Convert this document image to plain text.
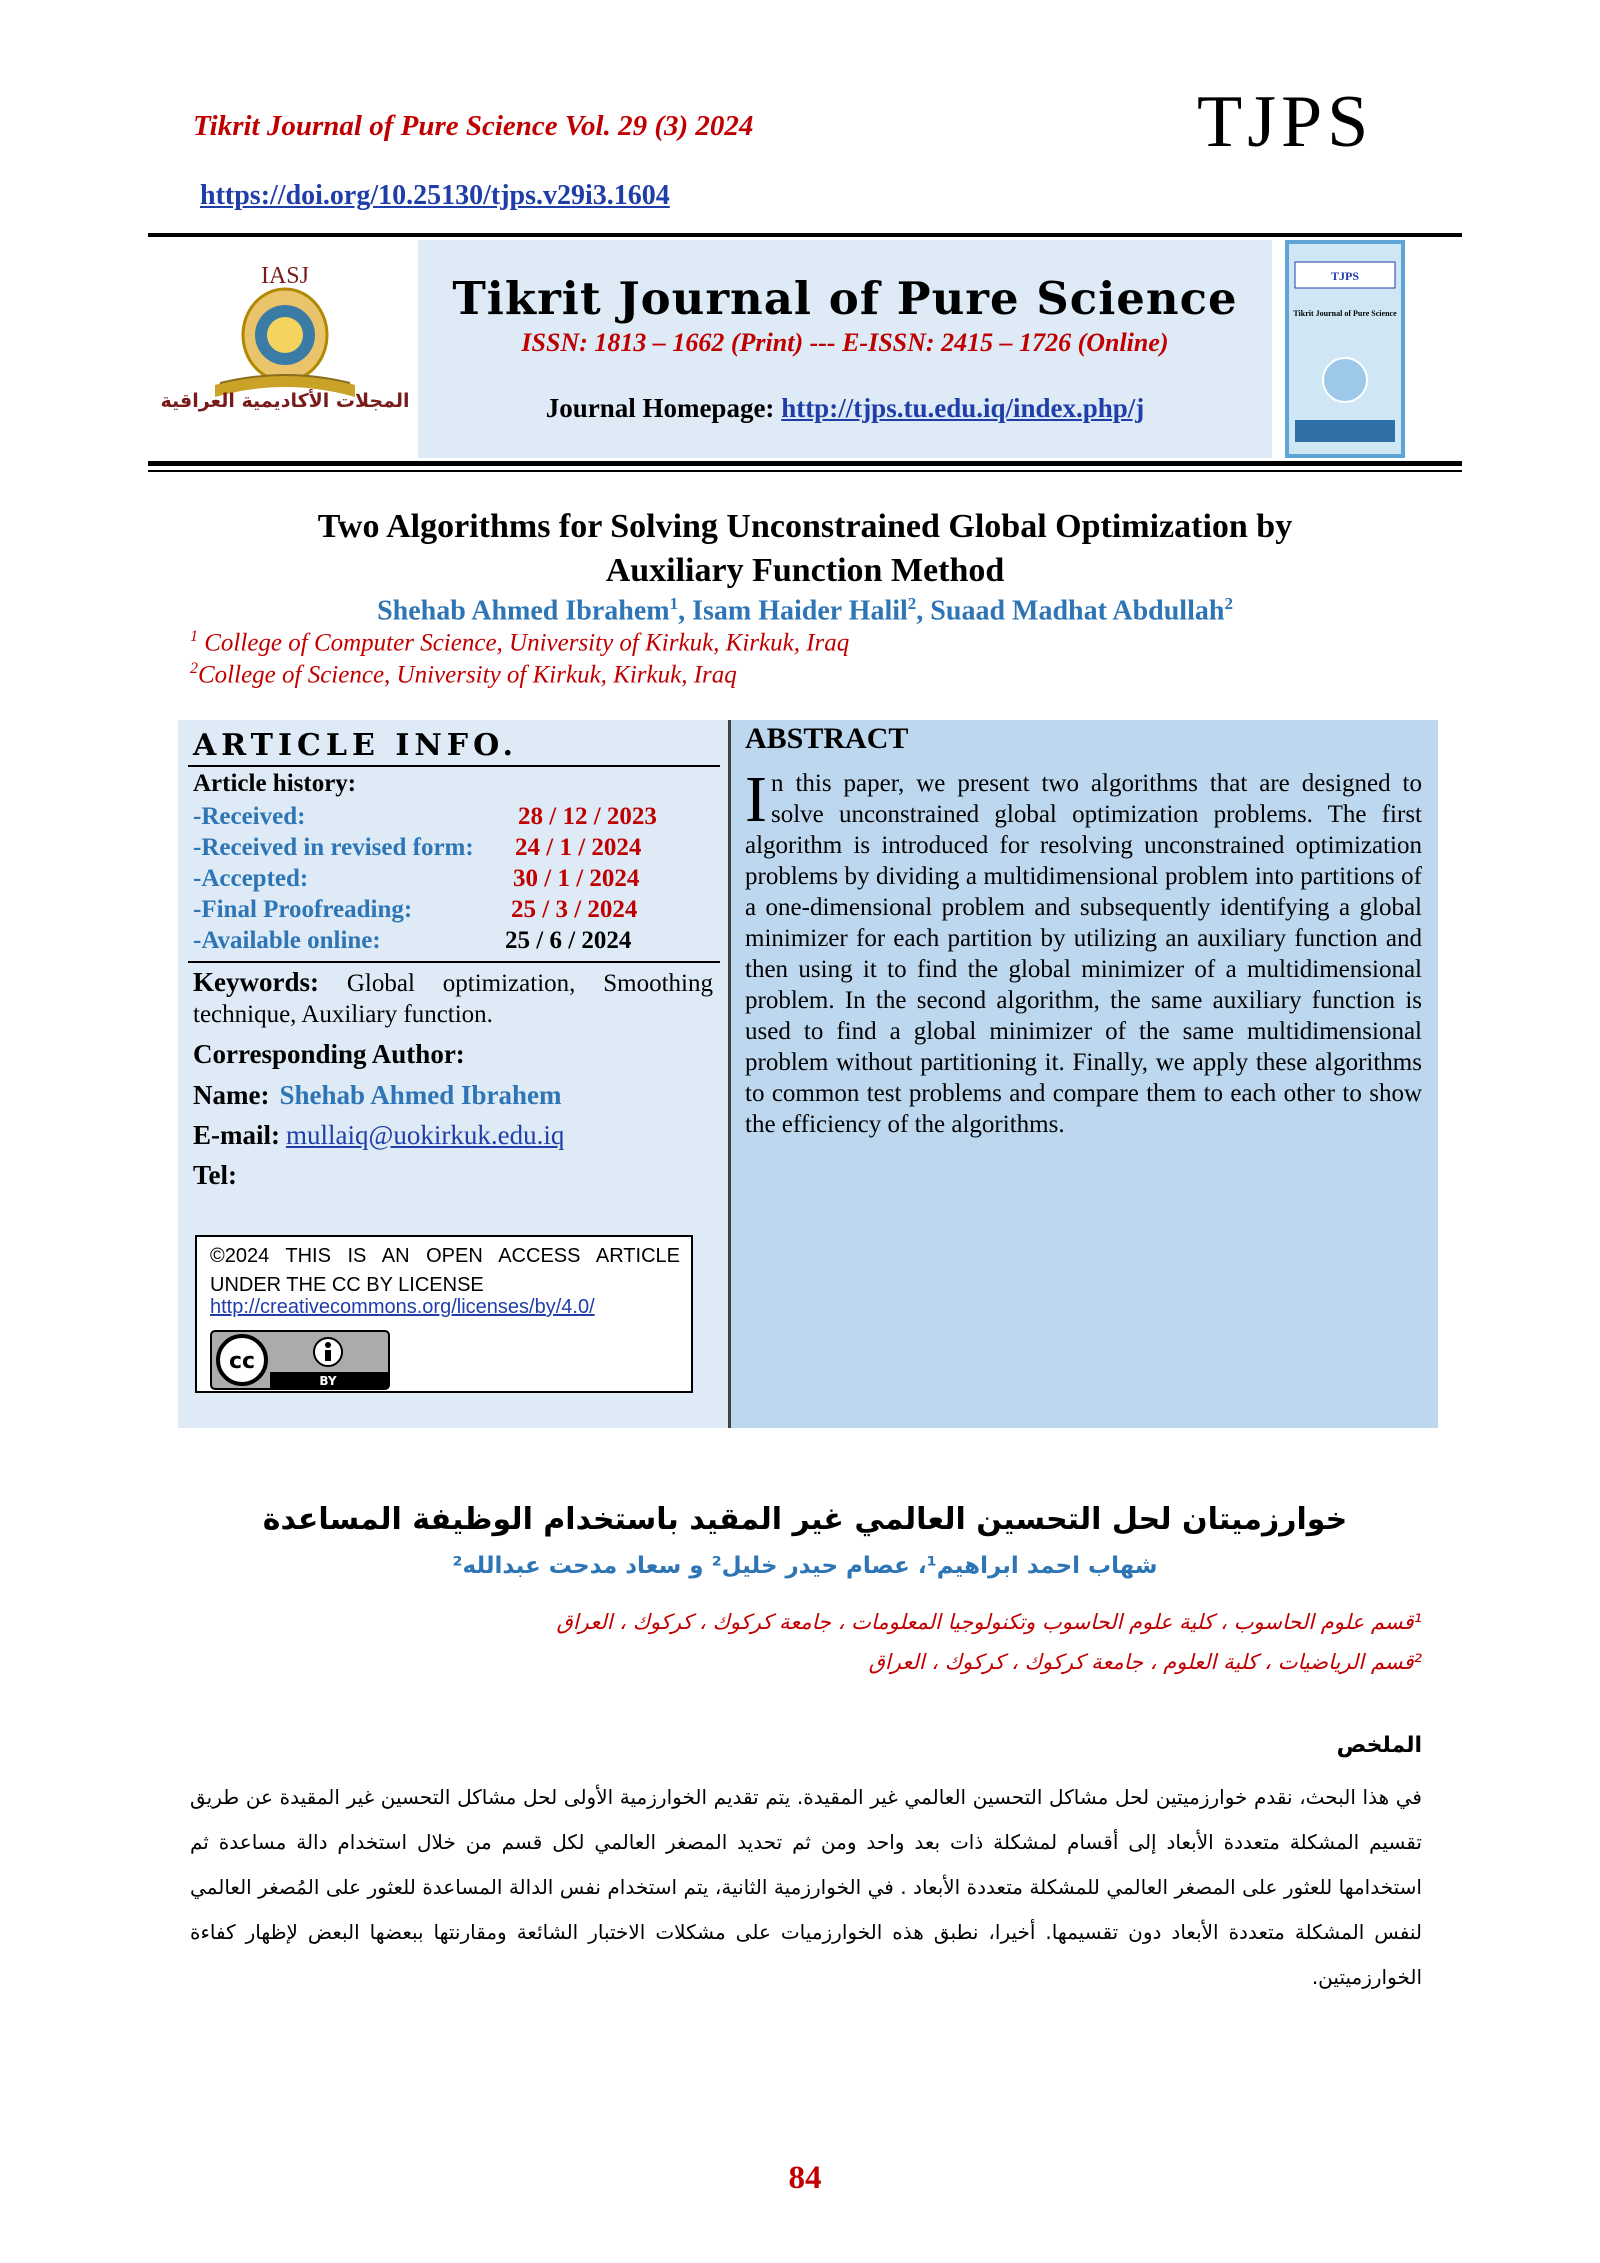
Tikrit Journal of Pure Science Vol. 29 (3) 2024	TJPS
https://doi.org/10.25130/tjps.v29i3.1604
IASJ
المجلات الأكاديمية العراقية
Tikrit Journal of Pure Science
ISSN: 1813 – 1662 (Print) --- E-ISSN: 2415 – 1726 (Online)
Journal Homepage: http://tjps.tu.edu.iq/index.php/j
TJPS
Tikrit Journal of Pure Science
Two Algorithms for Solving Unconstrained Global Optimization by
Auxiliary Function Method
Shehab Ahmed Ibrahem$^1$, Isam Haider Halil$^2$, Suaad Madhat Abdullah$^2$
$^1$ College of Computer Science, University of Kirkuk, Kirkuk, Iraq
$^2$College of Science, University of Kirkuk, Kirkuk, Iraq
ARTICLE INFO.
Article history:
-Received:	28 / 12 / 2023
-Received in revised form: 24 / 1 / 2024
-Accepted:	30 / 1 / 2024
-Final Proofreading:	25 / 3 / 2024
-Available online:	25 / 6 / 2024
Keywords: Global optimization, Smoothing technique, Auxiliary function.
Corresponding Author:
Name: Shehab Ahmed Ibrahem
E-mail: mullaiq@uokirkuk.edu.iq
Tel:
©2024 THIS IS AN OPEN ACCESS ARTICLE UNDER THE CC BY LICENSE
http://creativecommons.org/licenses/by/4.0/
cc
BY
ABSTRACT
In this paper, we present two algorithms that are designed to solve unconstrained global optimization problems. The first algorithm is introduced for resolving unconstrained optimization problems by dividing a multidimensional problem into partitions of a one-dimensional problem and subsequently identifying a global minimizer for each partition by utilizing an auxiliary function and then using it to find the global minimizer of a multidimensional problem. In the second algorithm, the same auxiliary function is used to find a global minimizer of the same multidimensional problem without partitioning it. Finally, we apply these algorithms to common test problems and compare them to each other to show the efficiency of the algorithms.
خوارزميتان لحل التحسين العالمي غير المقيد باستخدام الوظيفة المساعدة
شهاب احمد ابراهيم¹، عصام حيدر خليل² و سعاد مدحت عبدالله²
¹قسم علوم الحاسوب ، كلية علوم الحاسوب وتكنولوجيا المعلومات ، جامعة كركوك ، كركوك ، العراق
²قسم الرياضيات ، كلية العلوم ، جامعة كركوك ، كركوك ، العراق
الملخص
في هذا البحث، نقدم خوارزميتين لحل مشاكل التحسين العالمي غير المقيدة. يتم تقديم الخوارزمية الأولى لحل مشاكل التحسين غير المقيدة عن طريق تقسيم المشكلة متعددة الأبعاد إلى أقسام لمشكلة ذات بعد واحد ومن ثم تحديد المصغر العالمي لكل قسم من خلال استخدام دالة مساعدة ثم استخدامها للعثور على المصغر العالمي للمشكلة متعددة الأبعاد . في الخوارزمية الثانية، يتم استخدام نفس الدالة المساعدة للعثور على المُصغر العالمي لنفس المشكلة متعددة الأبعاد دون تقسيمها. أخيرا، نطبق هذه الخوارزميات على مشكلات الاختبار الشائعة ومقارنتها ببعضها البعض لإظهار كفاءة الخوارزميتين.
84
